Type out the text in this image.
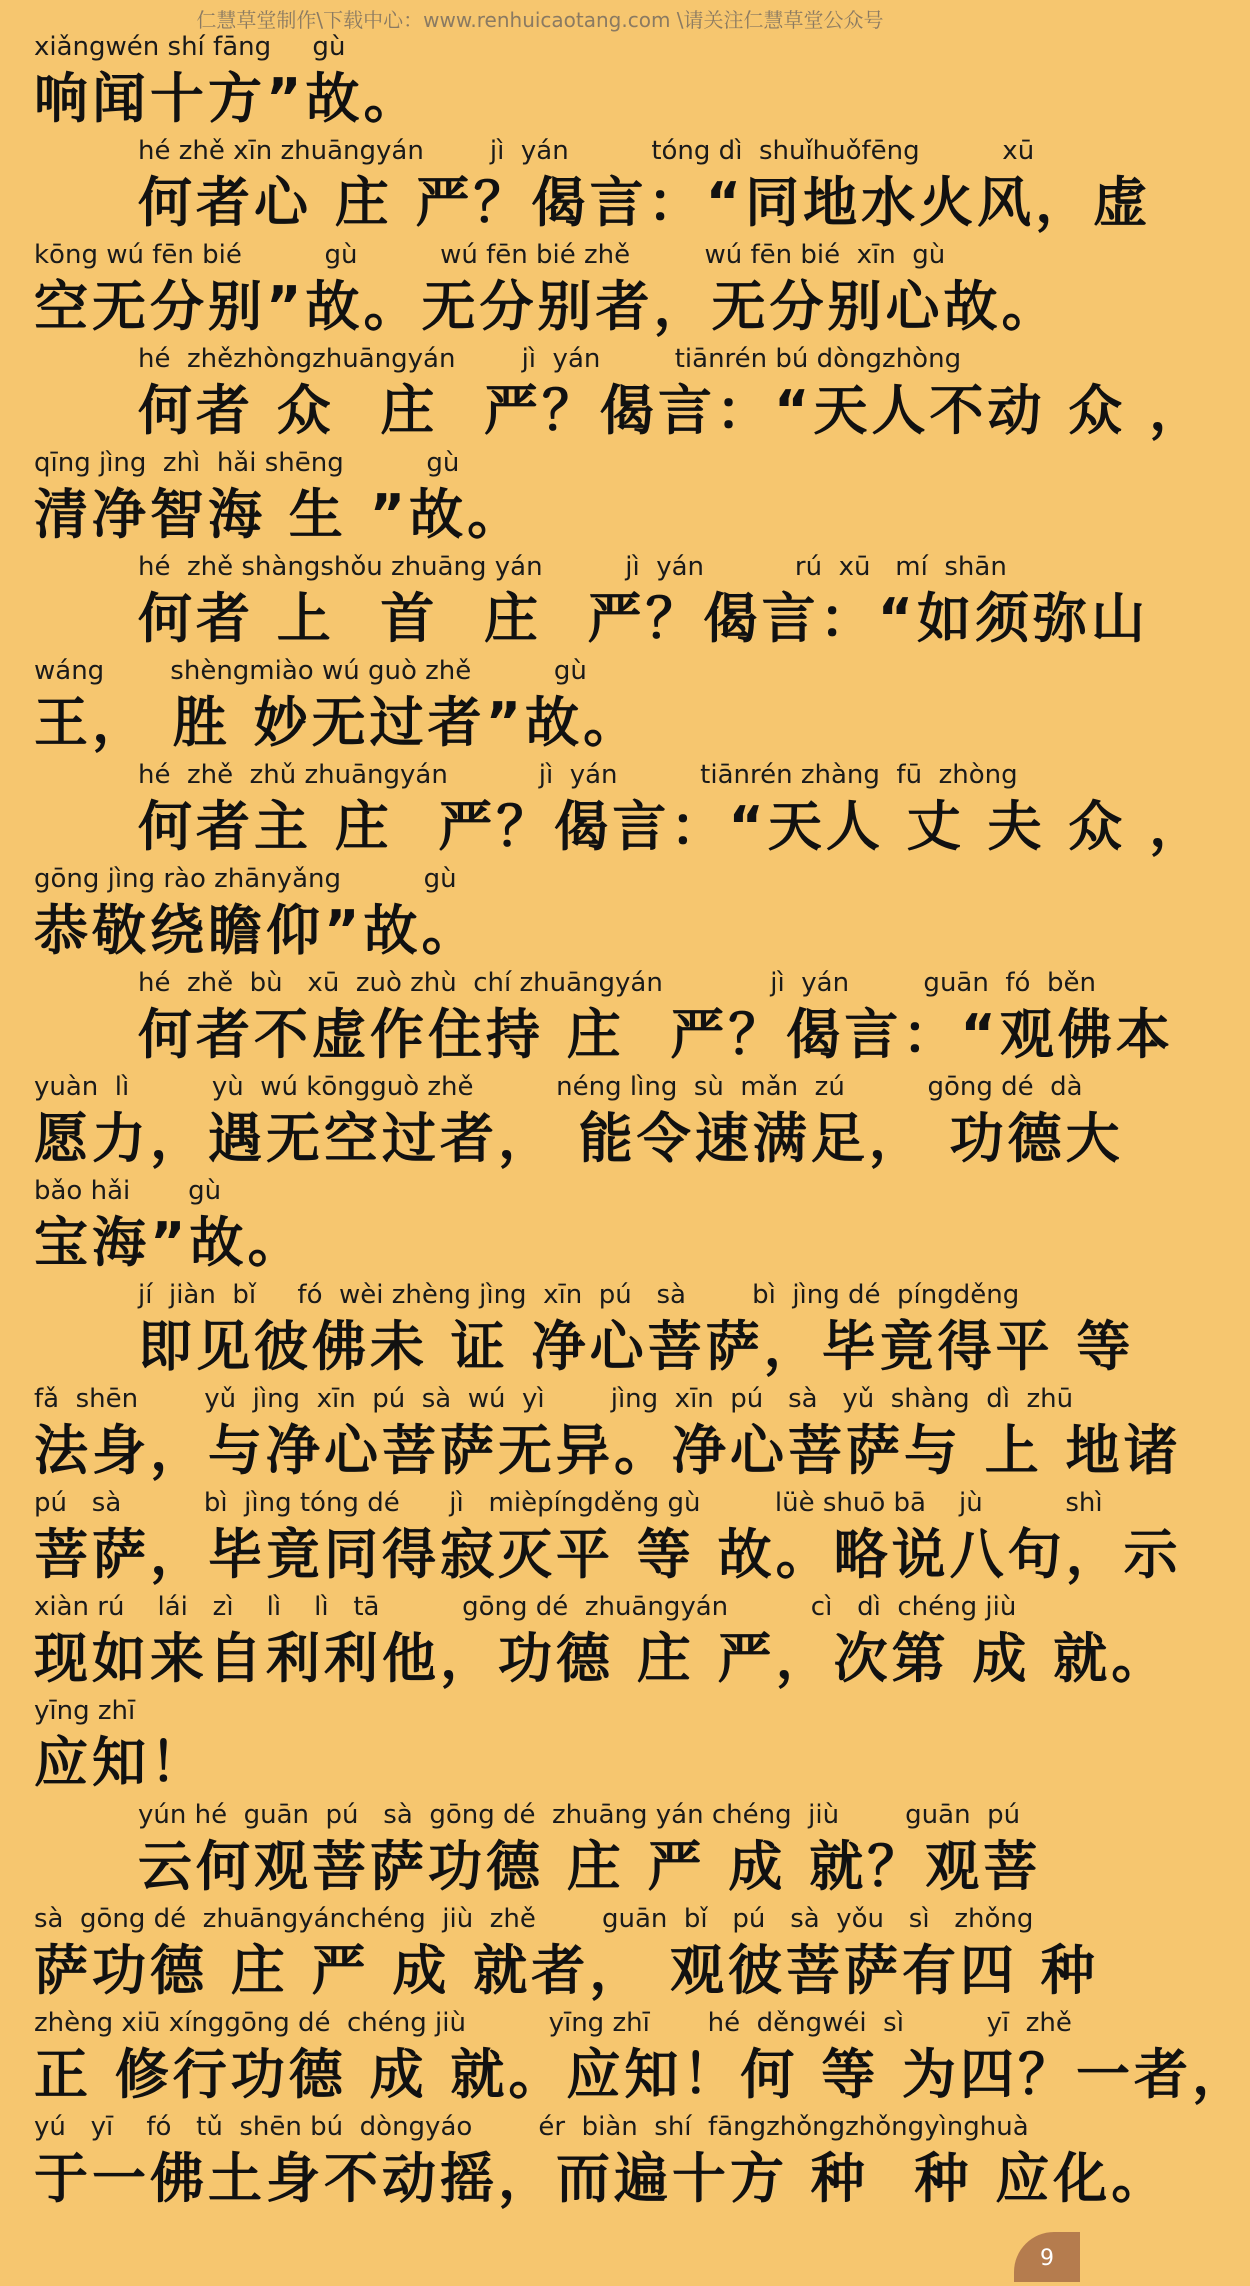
仁慧草堂制作\下载中心：www.renhuicaotang.com \请关注仁慧草堂公众号
xiǎngwén shí fāng     gù
响闻十方”故。
hé zhě xīn zhuāngyán        jì  yán          tóng dì  shuǐhuǒfēng          xū
何者心 庄 严？偈言：“同地水火风，虚
kōng wú fēn bié          gù          wú fēn bié zhě         wú fēn bié  xīn  gù
空无分别”故。无分别者，无分别心故。
hé  zhězhòngzhuāngyán        jì  yán         tiānrén bú dòngzhòng
何者 众  庄  严？偈言：“天人不动 众 ，
qīng jìng  zhì  hǎi shēng          gù
清净智海 生 ”故。
hé  zhě shàngshǒu zhuāng yán          jì  yán           rú  xū   mí  shān
何者 上  首  庄  严？偈言：“如须弥山
wáng        shèngmiào wú guò zhě          gù
王， 胜 妙无过者”故。
hé  zhě  zhǔ zhuāngyán           jì  yán          tiānrén zhàng  fū  zhòng
何者主 庄  严？偈言：“天人 丈 夫 众 ，
gōng jìng rào zhānyǎng          gù
恭敬绕瞻仰”故。
hé  zhě  bù   xū  zuò zhù  chí zhuāngyán             jì  yán         guān  fó  běn
何者不虚作住持 庄  严？偈言：“观佛本
yuàn  lì          yù  wú kōngguò zhě          néng lìng  sù  mǎn  zú          gōng dé  dà
愿力，遇无空过者， 能令速满足， 功德大
bǎo hǎi       gù
宝海”故。
jí  jiàn  bǐ     fó  wèi zhèng jìng  xīn  pú   sà        bì  jìng dé  píngděng
即见彼佛未 证 净心菩萨，毕竟得平 等
fǎ  shēn        yǔ  jìng  xīn  pú  sà  wú  yì        jìng  xīn  pú   sà   yǔ  shàng  dì  zhū
法身，与净心菩萨无异。净心菩萨与 上 地诸
pú   sà          bì  jìng tóng dé      jì   mièpíngděng gù         lüè shuō bā    jù          shì
菩萨，毕竟同得寂灭平 等 故。略说八句，示
xiàn rú    lái   zì    lì    lì   tā          gōng dé  zhuāngyán          cì   dì  chéng jiù
现如来自利利他，功德 庄 严，次第 成 就。
yīng zhī
应知！
yún hé  guān  pú   sà  gōng dé  zhuāng yán chéng  jiù        guān  pú
云何观菩萨功德 庄 严 成 就？观菩
sà  gōng dé  zhuāngyánchéng  jiù  zhě        guān  bǐ   pú   sà  yǒu   sì   zhǒng
萨功德 庄 严 成 就者， 观彼菩萨有四 种
zhèng xiū xínggōng dé  chéng jiù          yīng zhī       hé  děngwéi  sì          yī  zhě
正 修行功德 成 就。应知！何 等 为四？一者，
yú   yī    fó   tǔ  shēn bú  dòngyáo        ér  biàn  shí  fāngzhǒngzhǒngyìnghuà
于一佛土身不动摇，而遍十方 种  种 应化。
9
